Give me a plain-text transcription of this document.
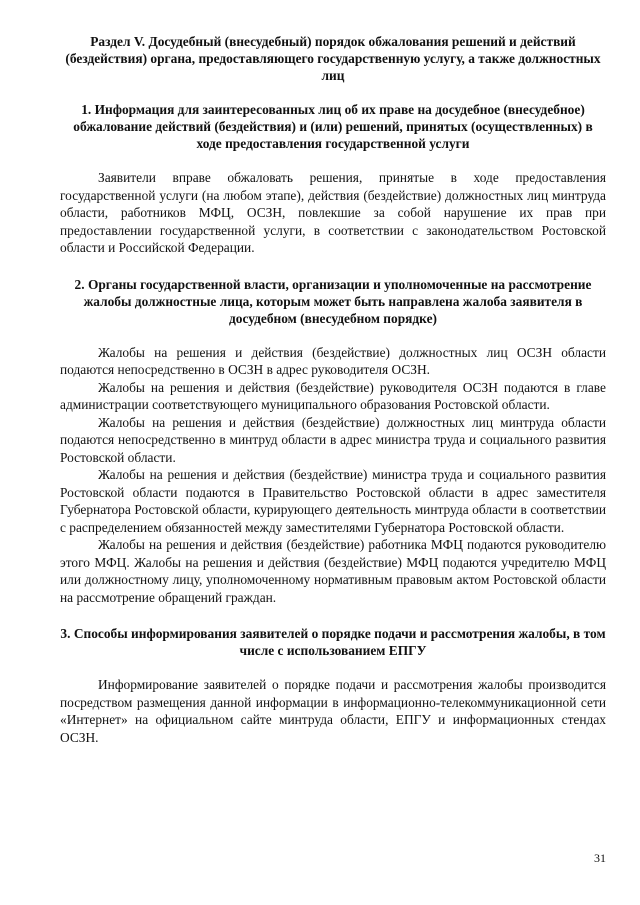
Раздел V. Досудебный (внесудебный) порядок обжалования решений и действий (бездействия) органа, предоставляющего государственную услугу, а также должностных лиц
1. Информация для заинтересованных лиц об их праве на досудебное (внесудебное) обжалование действий (бездействия) и (или) решений, принятых (осуществленных) в ходе предоставления государственной услуги

Заявители вправе обжаловать решения, принятые в ходе предоставления государственной услуги (на любом этапе), действия (бездействие) должностных лиц минтруда области, работников МФЦ, ОСЗН, повлекшие за собой нарушение их прав при предоставлении государственной услуги, в соответствии с законодательством Ростовской области и Российской Федерации.

2. Органы государственной власти, организации и уполномоченные на рассмотрение жалобы должностные лица, которым может быть направлена жалоба заявителя в досудебном (внесудебном порядке)

Жалобы на решения и действия (бездействие) должностных лиц ОСЗН области подаются непосредственно в ОСЗН в адрес руководителя ОСЗН.

Жалобы на решения и действия (бездействие) руководителя ОСЗН подаются в главе администрации соответствующего муниципального образования Ростовской области.

Жалобы на решения и действия (бездействие) должностных лиц минтруда области подаются непосредственно в минтруд области в адрес министра труда и социального развития Ростовской области.

Жалобы на решения и действия (бездействие) министра труда и социального развития Ростовской области подаются в Правительство Ростовской области в адрес заместителя Губернатора Ростовской области, курирующего деятельность минтруда области в соответствии с распределением обязанностей между заместителями Губернатора Ростовской области.

Жалобы на решения и действия (бездействие) работника МФЦ подаются руководителю этого МФЦ. Жалобы на решения и действия (бездействие) МФЦ подаются учредителю МФЦ или должностному лицу, уполномоченному нормативным правовым актом Ростовской области на рассмотрение обращений граждан.

3. Способы информирования заявителей о порядке подачи и рассмотрения жалобы, в том числе с использованием ЕПГУ

Информирование заявителей о порядке подачи и рассмотрения жалобы производится посредством размещения данной информации в информационно-телекоммуникационной сети «Интернет» на официальном сайте минтруда области, ЕПГУ и информационных стендах ОСЗН.

31
